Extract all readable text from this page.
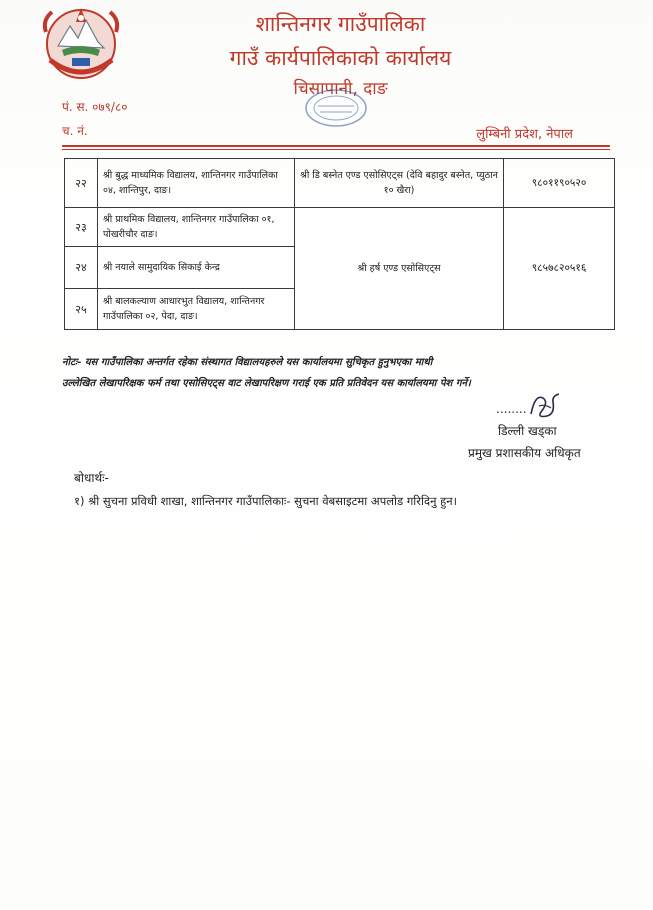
शान्तिनगर गाउँपालिका
गाउँ कार्यपालिकाको कार्यालय
चिसापानी, दाङ
पं. स. ०७९/८०
च. नं.	लुम्बिनी प्रदेश, नेपाल
२२	श्री बुद्ध माध्यमिक विद्यालय, शान्तिनगर गाउँपालिका ०४, शान्तिपुर, दाङ।	श्री डि बस्नेत एण्ड एसोसिएट्स (देवि बहादुर बस्नेत, प्युठान १० खैरा)	९८०११९०५२०
२३	श्री प्राथमिक विद्यालय, शान्तिनगर गाउँपालिका ०१, पोखरीचौर दाङ।	श्री हर्ष एण्ड एसोसिएट्स	९८५७८२०५१६
२४	श्री नयाले सामुदायिक सिकाई केन्द्र		
२५	श्री बालकल्याण आधारभुत विद्यालय, शान्तिनगर गाउँपालिका ०२, पेदा, दाङ।		
नोटः- यस गाउँपालिका अन्तर्गत रहेका संस्थागत विद्यालयहरुले यस कार्यालयमा सुचिकृत हुनुभएका माथी
उल्लेखित लेखापरिक्षक फर्म तथा एसोसिएट्स वाट लेखापरिक्षण गराई एक प्रति प्रतिवेदन यस कार्यालयमा पेश गर्ने।
........
डिल्ली खड्का
प्रमुख प्रशासकीय अधिकृत
बोधार्थः-
१) श्री सुचना प्रविधी शाखा, शान्तिनगर गाउँपालिकाः- सुचना वेबसाइटमा अपलोड गरिदिनु हुन।
